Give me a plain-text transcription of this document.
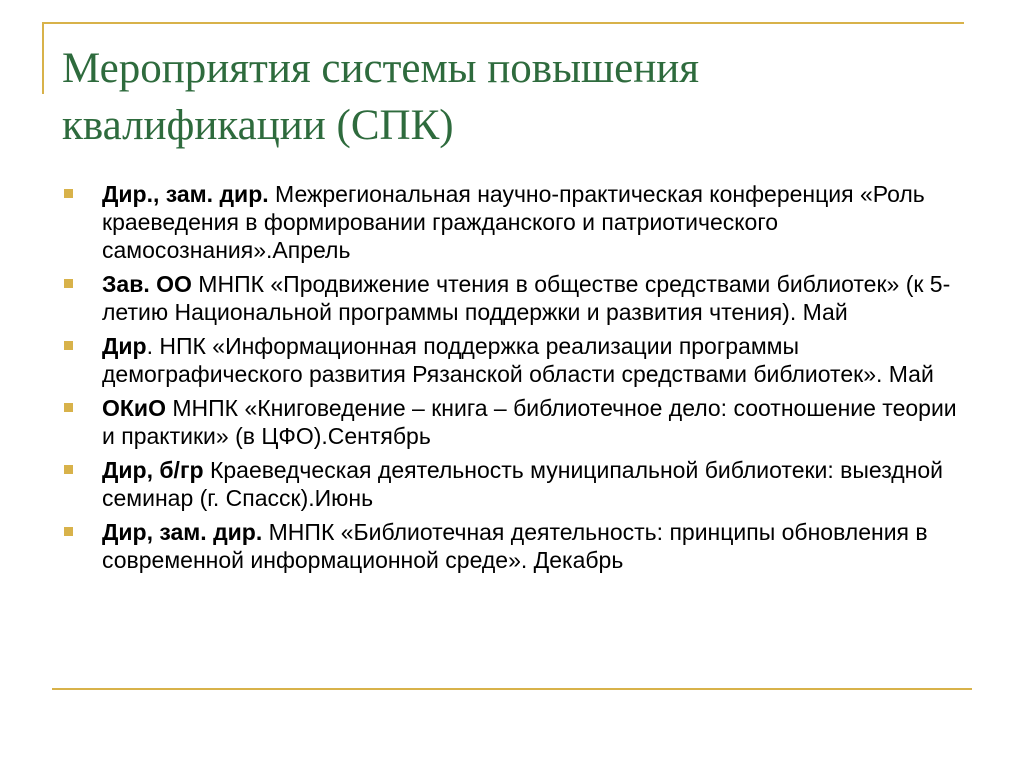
Мероприятия системы повышения
квалификации (СПК)
Дир., зам. дир. Межрегиональная научно-практическая конференция «Роль краеведения в формировании гражданского и патриотического самосознания».Апрель
Зав. ОО МНПК «Продвижение чтения в обществе средствами библиотек» (к 5-летию Национальной программы поддержки и развития чтения). Май
Дир. НПК «Информационная поддержка реализации программы демографического развития Рязанской области средствами библиотек». Май
ОКиО МНПК «Книговедение – книга – библиотечное дело: соотношение теории и практики» (в ЦФО).Сентябрь
Дир, б/гр Краеведческая деятельность муниципальной библиотеки: выездной семинар (г. Спасск).Июнь
Дир, зам. дир. МНПК «Библиотечная деятельность: принципы обновления в современной информационной среде». Декабрь
